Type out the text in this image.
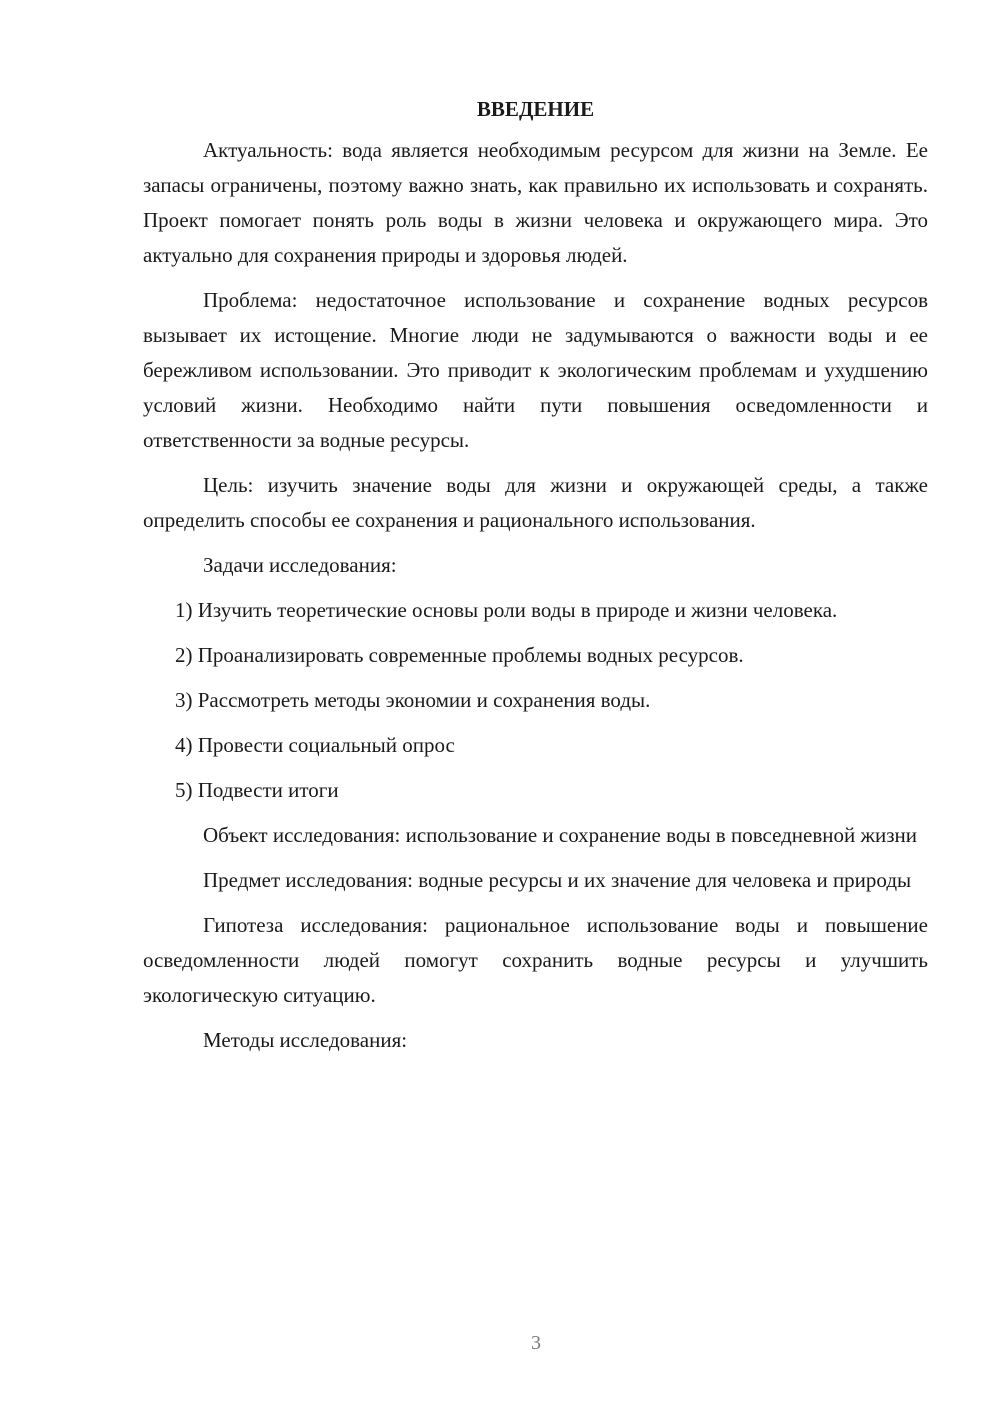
ВВЕДЕНИЕ

Актуальность: вода является необходимым ресурсом для жизни на Земле. Ее запасы ограничены, поэтому важно знать, как правильно их использовать и сохранять. Проект помогает понять роль воды в жизни человека и окружающего мира. Это актуально для сохранения природы и здоровья людей.

Проблема: недостаточное использование и сохранение водных ресурсов вызывает их истощение. Многие люди не задумываются о важности воды и ее бережливом использовании. Это приводит к экологическим проблемам и ухудшению условий жизни. Необходимо найти пути повышения осведомленности и ответственности за водные ресурсы.

Цель: изучить значение воды для жизни и окружающей среды, а также определить способы ее сохранения и рационального использования.

Задачи исследования:

1) Изучить теоретические основы роли воды в природе и жизни человека.

2) Проанализировать современные проблемы водных ресурсов.

3) Рассмотреть методы экономии и сохранения воды.

4) Провести социальный опрос

5) Подвести итоги

Объект исследования: использование и сохранение воды в повседневной жизни

Предмет исследования: водные ресурсы и их значение для человека и природы

Гипотеза исследования: рациональное использование воды и повышение осведомленности людей помогут сохранить водные ресурсы и улучшить экологическую ситуацию.

Методы исследования:

3
